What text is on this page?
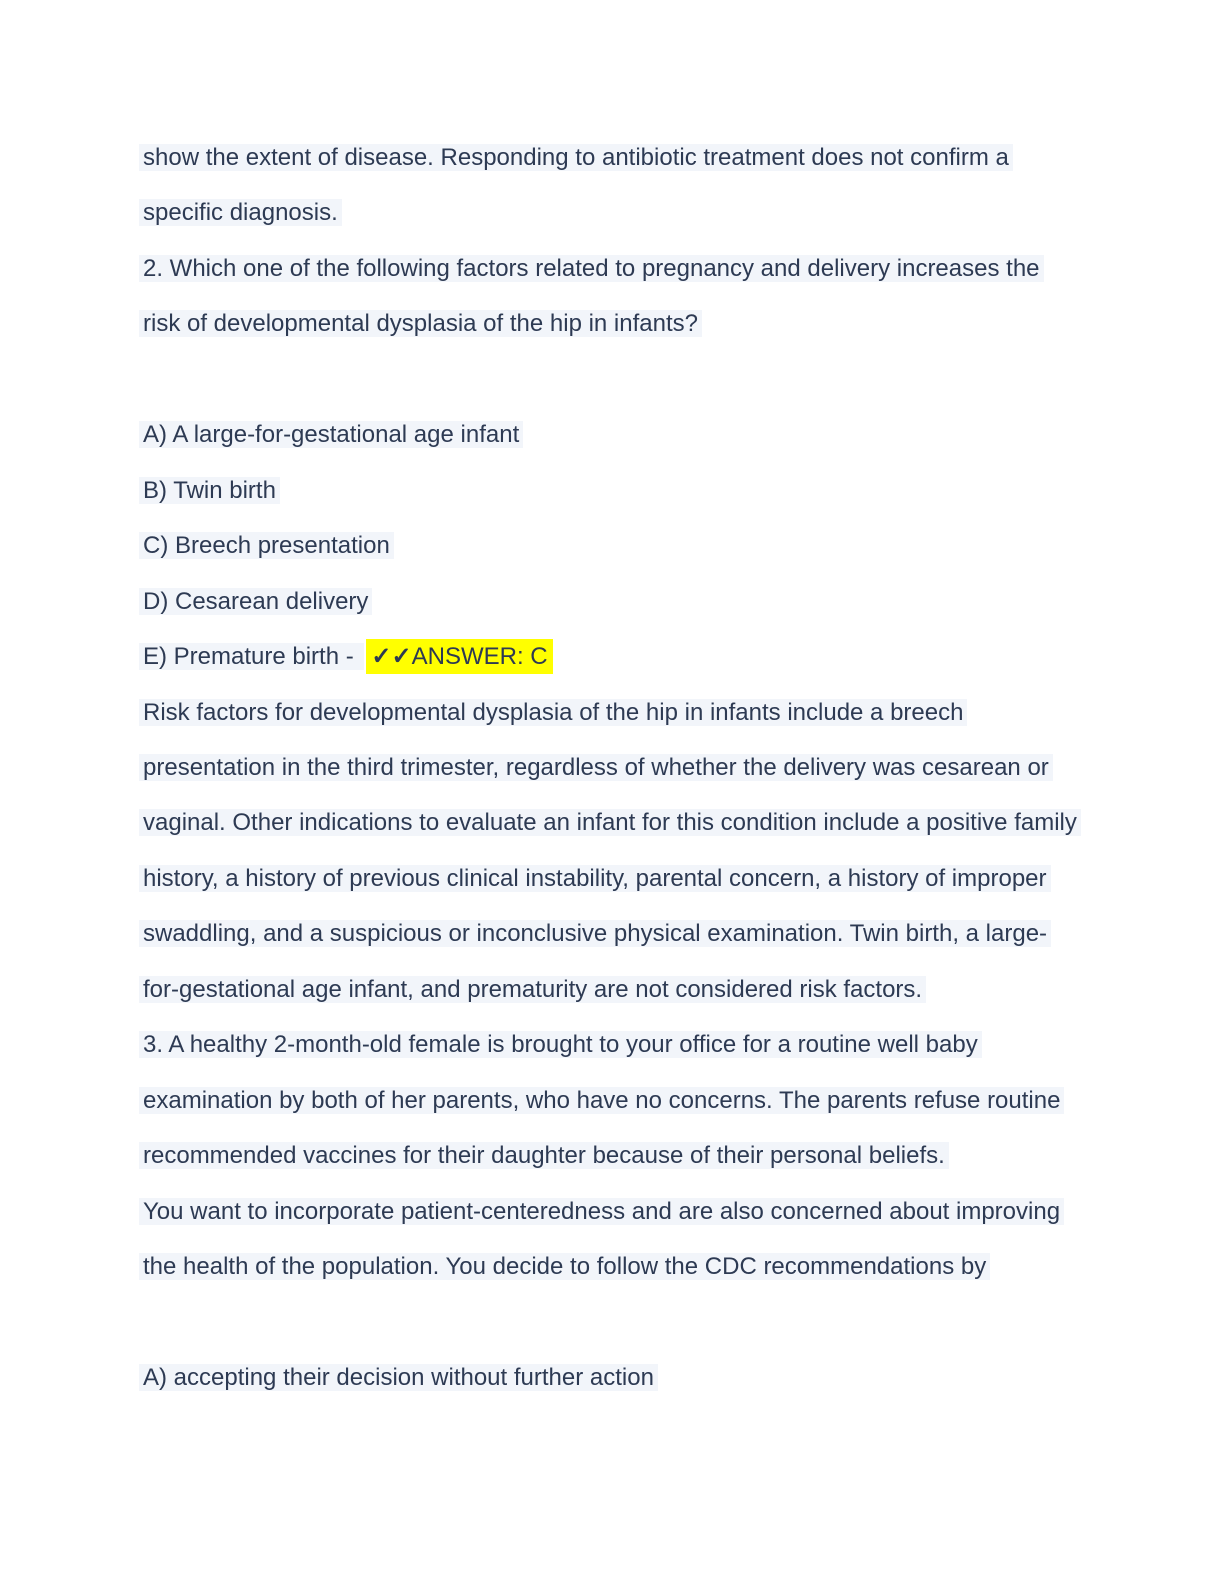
show the extent of disease. Responding to antibiotic treatment does not confirm a
specific diagnosis.
2. Which one of the following factors related to pregnancy and delivery increases the
risk of developmental dysplasia of the hip in infants?
A) A large-for-gestational age infant
B) Twin birth
C) Breech presentation
D) Cesarean delivery
E) Premature birth - ✓✓ANSWER: C
Risk factors for developmental dysplasia of the hip in infants include a breech
presentation in the third trimester, regardless of whether the delivery was cesarean or
vaginal. Other indications to evaluate an infant for this condition include a positive family
history, a history of previous clinical instability, parental concern, a history of improper
swaddling, and a suspicious or inconclusive physical examination. Twin birth, a large-
for-gestational age infant, and prematurity are not considered risk factors.
3. A healthy 2-month-old female is brought to your office for a routine well baby
examination by both of her parents, who have no concerns. The parents refuse routine
recommended vaccines for their daughter because of their personal beliefs.
You want to incorporate patient-centeredness and are also concerned about improving
the health of the population. You decide to follow the CDC recommendations by
A) accepting their decision without further action
